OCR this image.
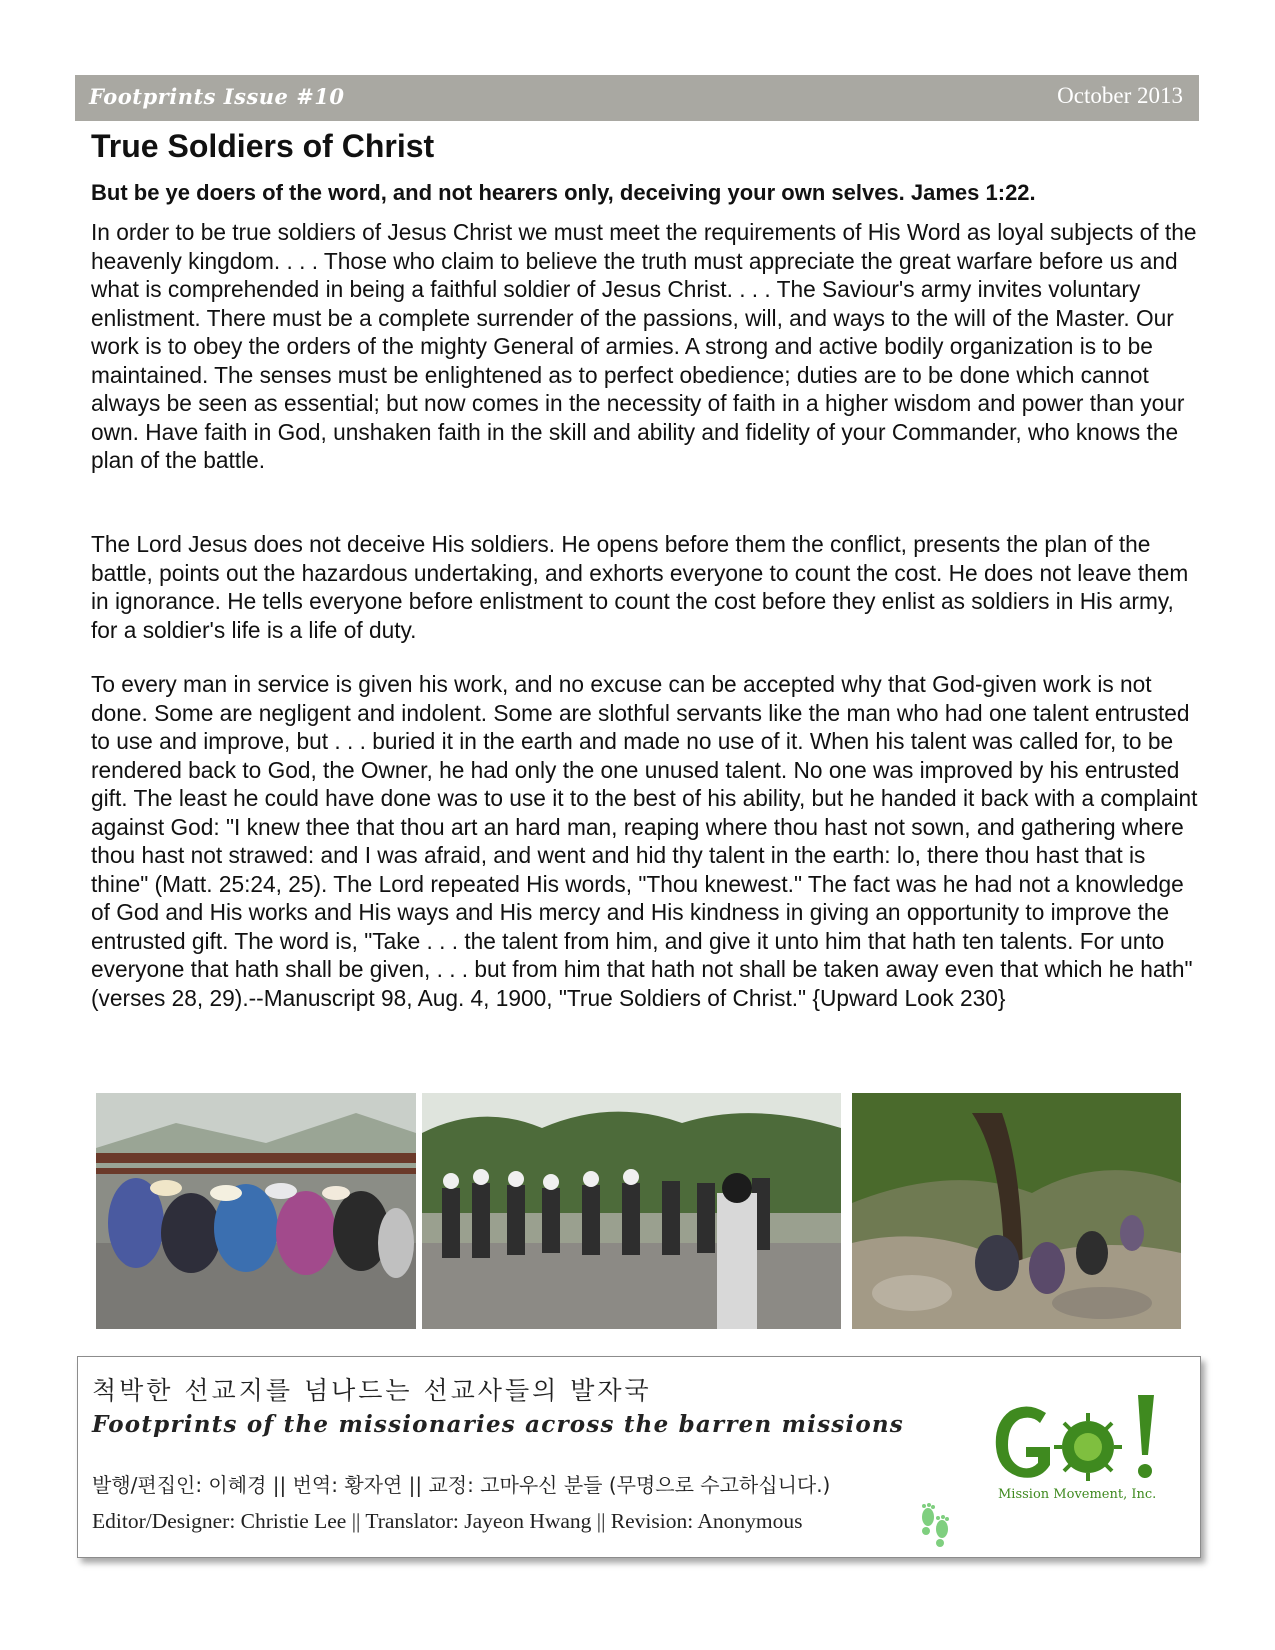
Footprints Issue #10	October 2013
True Soldiers of Christ

But be ye doers of the word, and not hearers only, deceiving your own selves. James 1:22.

In order to be true soldiers of Jesus Christ we must meet the requirements of His Word as loyal subjects of the heavenly kingdom. . . . Those who claim to believe the truth must appreciate the great warfare before us and what is comprehended in being a faithful soldier of Jesus Christ. . . . The Saviour's army invites voluntary enlistment. There must be a complete surrender of the passions, will, and ways to the will of the Master. Our work is to obey the orders of the mighty General of armies. A strong and active bodily organization is to be maintained. The senses must be enlightened as to perfect obedience; duties are to be done which cannot always be seen as essential; but now comes in the necessity of faith in a higher wisdom and power than your own. Have faith in God, unshaken faith in the skill and ability and fidelity of your Commander, who knows the plan of the battle.

The Lord Jesus does not deceive His soldiers. He opens before them the conflict, presents the plan of the battle, points out the hazardous undertaking, and exhorts everyone to count the cost. He does not leave them in ignorance. He tells everyone before enlistment to count the cost before they enlist as soldiers in His army, for a soldier's life is a life of duty.

To every man in service is given his work, and no excuse can be accepted why that God-given work is not done. Some are negligent and indolent. Some are slothful servants like the man who had one talent entrusted to use and improve, but . . . buried it in the earth and made no use of it. When his talent was called for, to be rendered back to God, the Owner, he had only the one unused talent. No one was improved by his entrusted gift. The least he could have done was to use it to the best of his ability, but he handed it back with a complaint against God: "I knew thee that thou art an hard man, reaping where thou hast not sown, and gathering where thou hast not strawed: and I was afraid, and went and hid thy talent in the earth: lo, there thou hast that is thine" (Matt. 25:24, 25). The Lord repeated His words, "Thou knewest." The fact was he had not a knowledge of God and His works and His ways and His mercy and His kindness in giving an opportunity to improve the entrusted gift. The word is, "Take . . . the talent from him, and give it unto him that hath ten talents. For unto everyone that hath shall be given, . . . but from him that hath not shall be taken away even that which he hath" (verses 28, 29).--Manuscript 98, Aug. 4, 1900, "True Soldiers of Christ." {Upward Look 230}

척박한 선교지를 넘나드는 선교사들의 발자국
Footprints of the missionaries across the barren missions
발행/편집인: 이혜경 || 번역: 황자연 || 교정: 고마우신 분들 (무명으로 수고하십니다.)
Editor/Designer: Christie Lee || Translator: Jayeon Hwang || Revision: Anonymous
Mission Movement, Inc.
